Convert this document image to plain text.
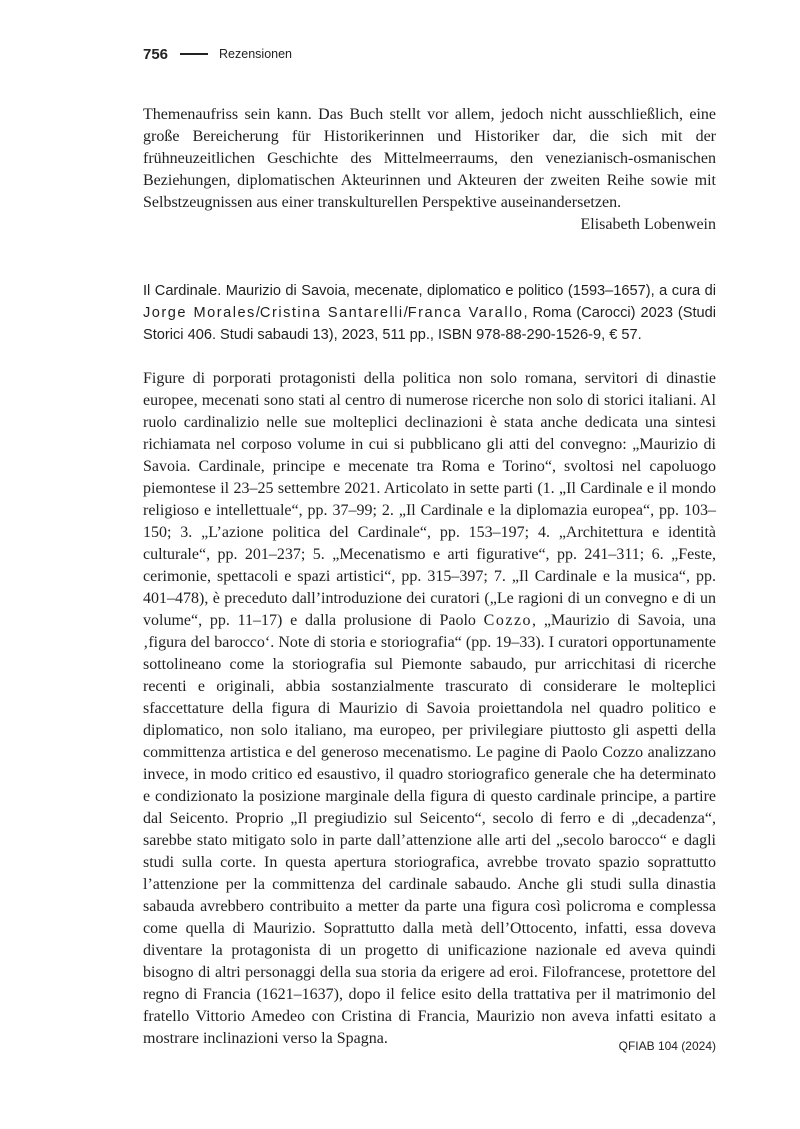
756	Rezensionen

Themenaufriss sein kann. Das Buch stellt vor allem, jedoch nicht ausschließlich, eine große Bereicherung für Historikerinnen und Historiker dar, die sich mit der frühneuzeitlichen Geschichte des Mittelmeerraums, den venezianisch-osmanischen Beziehungen, diplomatischen Akteurinnen und Akteuren der zweiten Reihe sowie mit Selbstzeugnissen aus einer transkulturellen Perspektive auseinandersetzen.

Elisabeth Lobenwein

Il Cardinale. Maurizio di Savoia, mecenate, diplomatico e politico (1593–1657), a cura di Jorge Morales/Cristina Santarelli/Franca Varallo, Roma (Carocci) 2023 (Studi Storici 406. Studi sabaudi 13), 2023, 511 pp., ISBN 978-88-290-1526-9, € 57.

Figure di porporati protagonisti della politica non solo romana, servitori di dinastie europee, mecenati sono stati al centro di numerose ricerche non solo di storici italiani. Al ruolo cardinalizio nelle sue molteplici declinazioni è stata anche dedicata una sintesi richiamata nel corposo volume in cui si pubblicano gli atti del convegno: „Maurizio di Savoia. Cardinale, principe e mecenate tra Roma e Torino“, svoltosi nel capoluogo piemontese il 23–25 settembre 2021. Articolato in sette parti (1. „Il Cardinale e il mondo religioso e intellettuale“, pp. 37–99; 2. „Il Cardinale e la diplomazia europea“, pp. 103–150; 3. „L’azione politica del Cardinale“, pp. 153–197; 4. „Architettura e identità culturale“, pp. 201–237; 5. „Mecenatismo e arti figurative“, pp. 241–311; 6. „Feste, cerimonie, spettacoli e spazi artistici“, pp. 315–397; 7. „Il Cardinale e la musica“, pp. 401–478), è preceduto dall’introduzione dei curatori („Le ragioni di un convegno e di un volume“, pp. 11–17) e dalla prolusione di Paolo Cozzo, „Maurizio di Savoia, una ‚figura del barocco‘. Note di storia e storiografia“ (pp. 19–33). I curatori opportunamente sottolineano come la storiografia sul Piemonte sabaudo, pur arricchitasi di ricerche recenti e originali, abbia sostanzialmente trascurato di considerare le molteplici sfaccettature della figura di Maurizio di Savoia proiettandola nel quadro politico e diplomatico, non solo italiano, ma europeo, per privilegiare piuttosto gli aspetti della committenza artistica e del generoso mecenatismo. Le pagine di Paolo Cozzo analizzano invece, in modo critico ed esaustivo, il quadro storiografico generale che ha determinato e condizionato la posizione marginale della figura di questo cardinale principe, a partire dal Seicento. Proprio „Il pregiudizio sul Seicento“, secolo di ferro e di „decadenza“, sarebbe stato mitigato solo in parte dall’attenzione alle arti del „secolo barocco“ e dagli studi sulla corte. In questa apertura storiografica, avrebbe trovato spazio soprattutto l’attenzione per la committenza del cardinale sabaudo. Anche gli studi sulla dinastia sabauda avrebbero contribuito a metter da parte una figura così policroma e complessa come quella di Maurizio. Soprattutto dalla metà dell’Ottocento, infatti, essa doveva diventare la protagonista di un progetto di unificazione nazionale ed aveva quindi bisogno di altri personaggi della sua storia da erigere ad eroi. Filofrancese, protettore del regno di Francia (1621–1637), dopo il felice esito della trattativa per il matrimonio del fratello Vittorio Amedeo con Cristina di Francia, Maurizio non aveva infatti esitato a mostrare inclinazioni verso la Spagna.	QFIAB 104 (2024)
